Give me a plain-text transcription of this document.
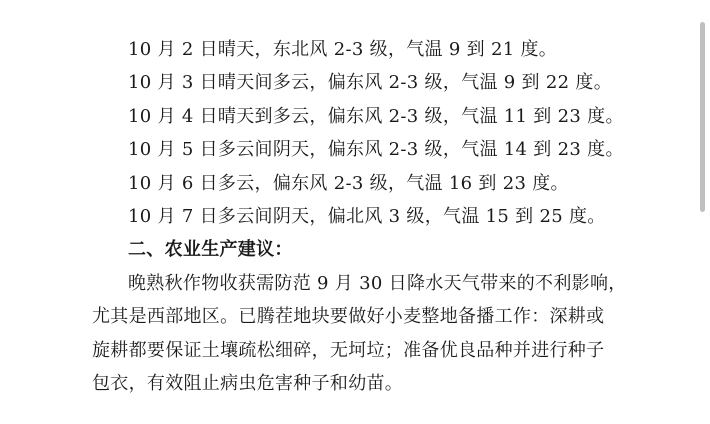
10 月 2 日晴天，东北风 2-3 级，气温 9 到 21 度。
10 月 3 日晴天间多云，偏东风 2-3 级，气温 9 到 22 度。
10 月 4 日晴天到多云，偏东风 2-3 级，气温 11 到 23 度。
10 月 5 日多云间阴天，偏东风 2-3 级，气温 14 到 23 度。
10 月 6 日多云，偏东风 2-3 级，气温 16 到 23 度。
10 月 7 日多云间阴天，偏北风 3 级，气温 15 到 25 度。
二、农业生产建议：
晚熟秋作物收获需防范 9 月 30 日降水天气带来的不利影响，
尤其是西部地区。已腾茬地块要做好小麦整地备播工作：深耕或
旋耕都要保证土壤疏松细碎，无坷垃；准备优良品种并进行种子
包衣，有效阻止病虫危害种子和幼苗。
